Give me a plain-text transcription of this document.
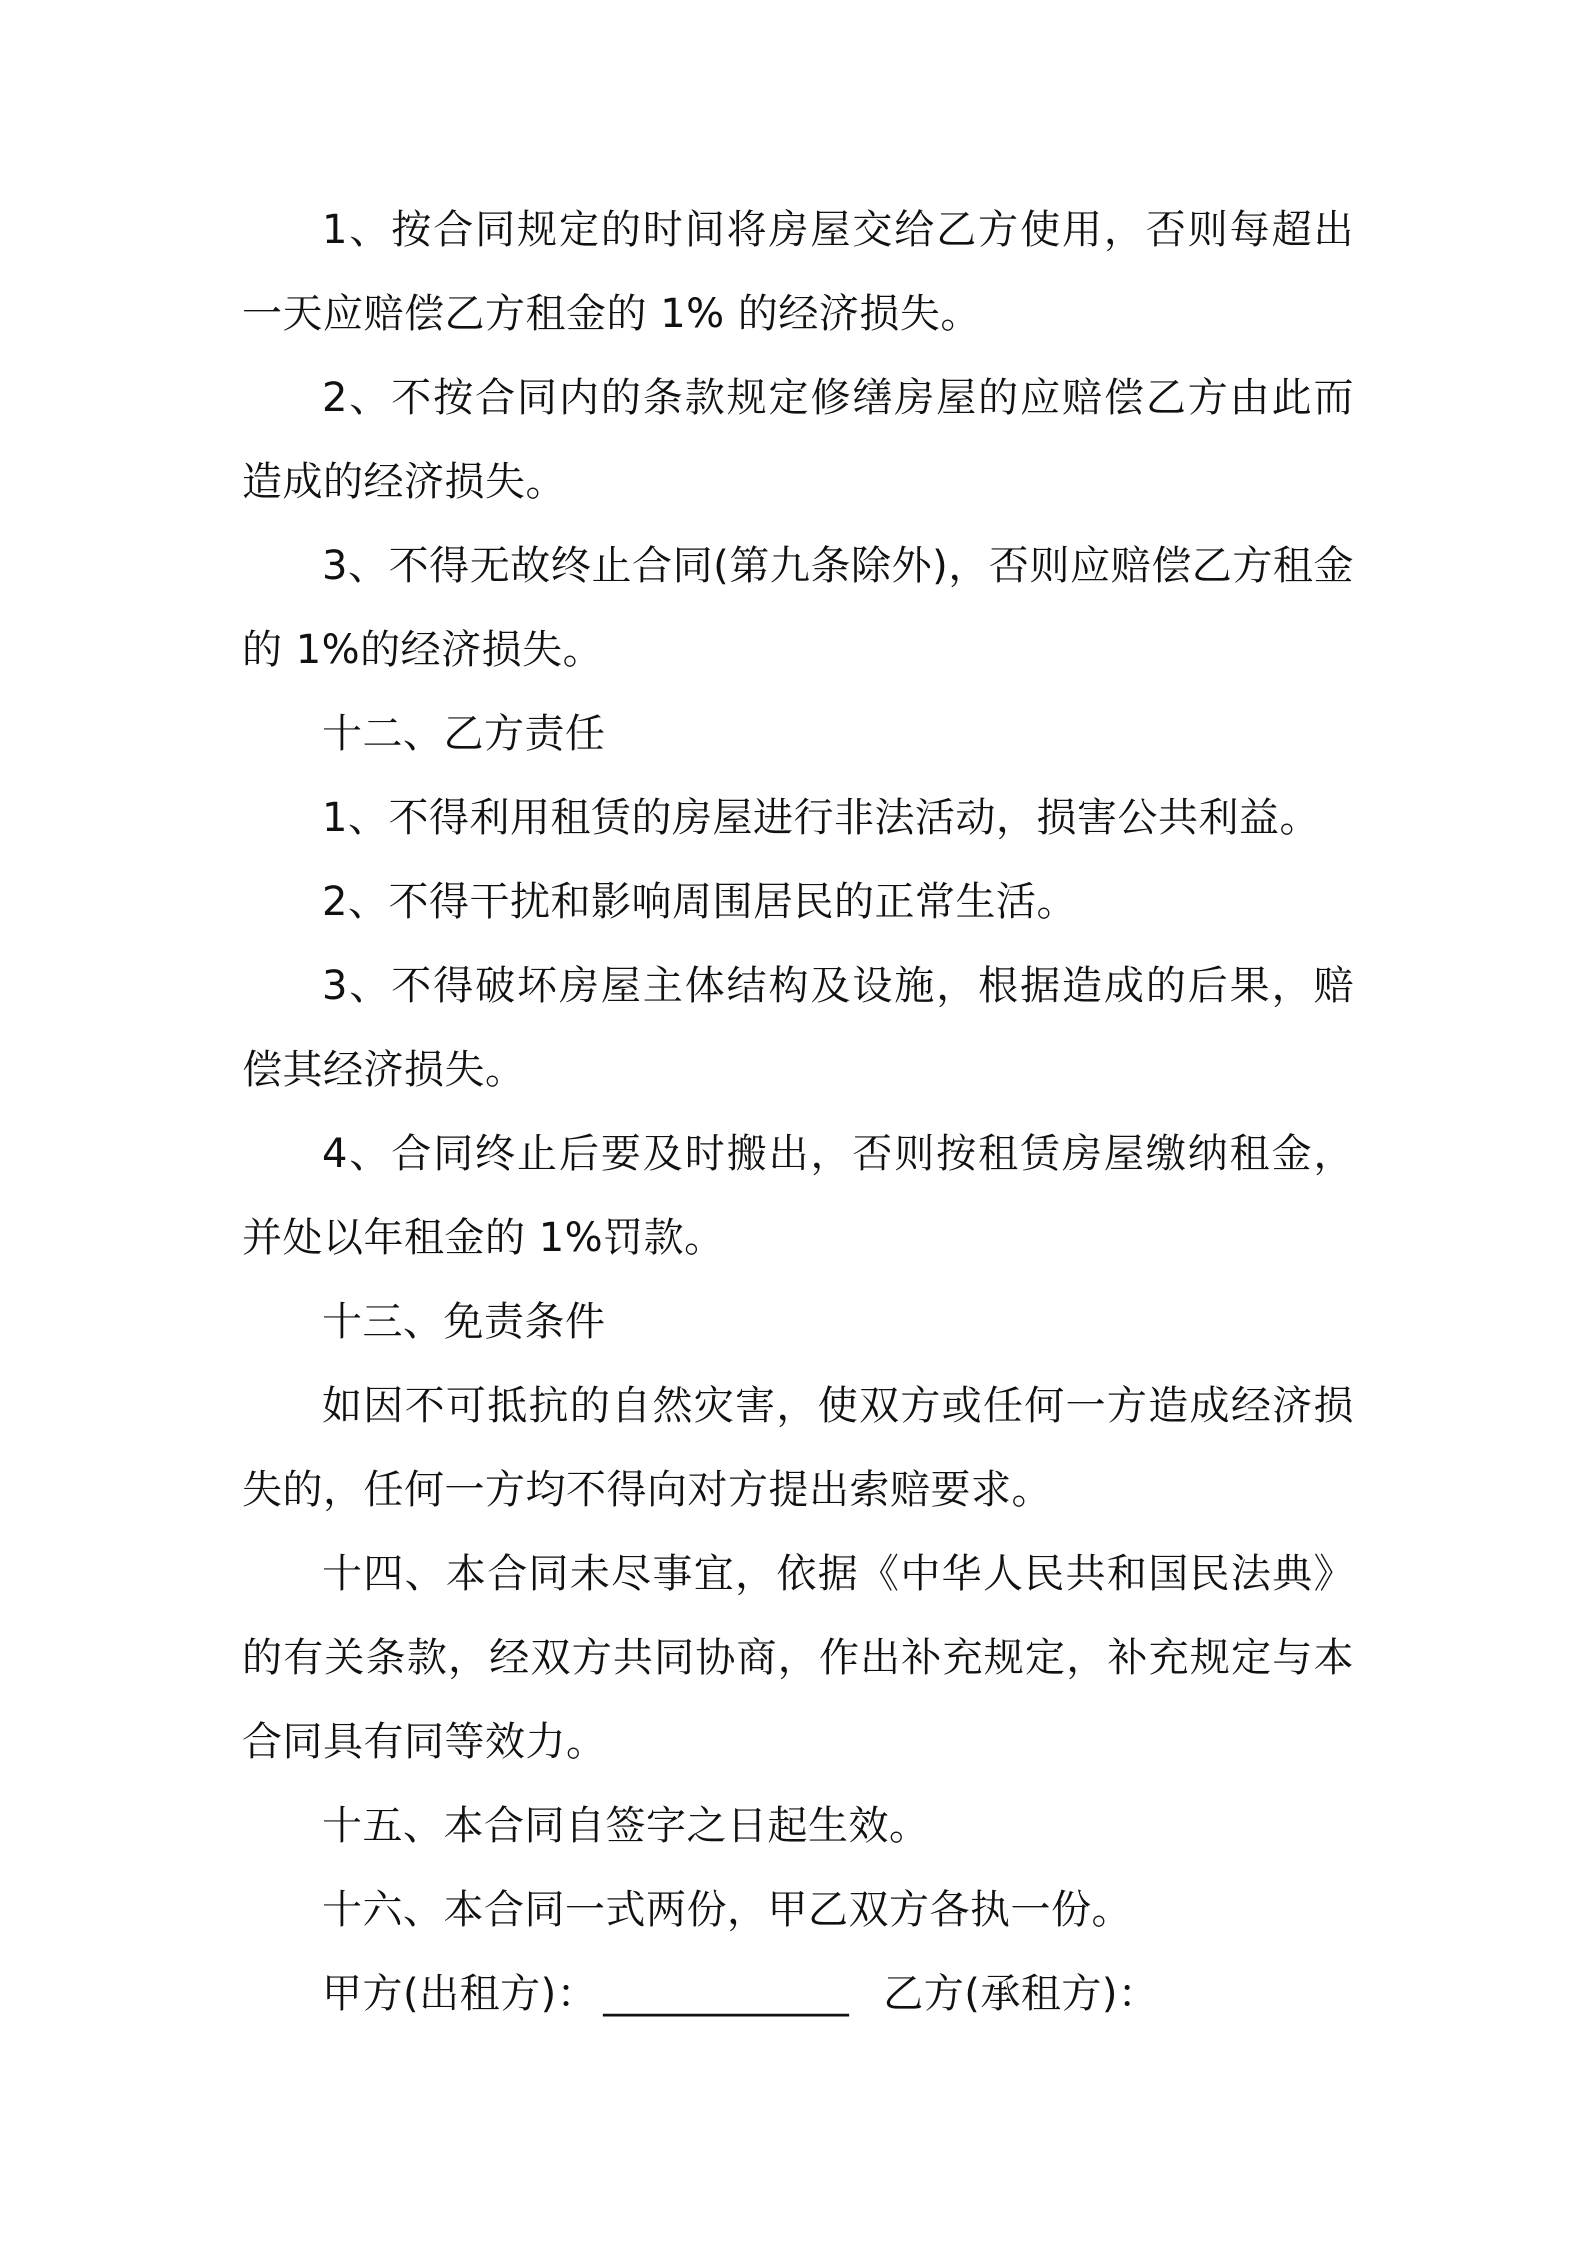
1、按合同规定的时间将房屋交给乙方使用，否则每超出一天应赔偿乙方租金的 1% 的经济损失。
2、不按合同内的条款规定修缮房屋的应赔偿乙方由此而造成的经济损失。
3、不得无故终止合同(第九条除外)，否则应赔偿乙方租金的 1%的经济损失。
十二、乙方责任
1、不得利用租赁的房屋进行非法活动，损害公共利益。
2、不得干扰和影响周围居民的正常生活。
3、不得破坏房屋主体结构及设施，根据造成的后果，赔偿其经济损失。
4、合同终止后要及时搬出，否则按租赁房屋缴纳租金，并处以年租金的 1%罚款。
十三、免责条件
如因不可抵抗的自然灾害，使双方或任何一方造成经济损失的，任何一方均不得向对方提出索赔要求。
十四、本合同未尽事宜，依据《中华人民共和国民法典》的有关条款，经双方共同协商，作出补充规定，补充规定与本合同具有同等效力。
十五、本合同自签字之日起生效。
十六、本合同一式两份，甲乙双方各执一份。
甲方(出租方)： ____________ 乙方(承租方)：
